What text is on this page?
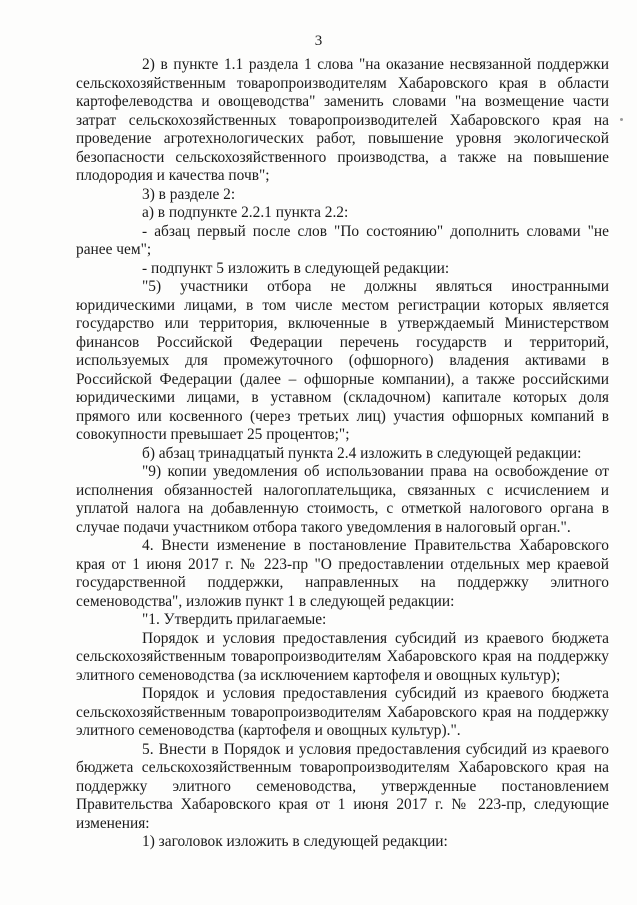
3

2) в пункте 1.1 раздела 1 слова "на оказание несвязанной поддержки сельскохозяйственным товаропроизводителям Хабаровского края в области картофелеводства и овощеводства" заменить словами "на возмещение части затрат сельскохозяйственных товаропроизводителей Хабаровского края на проведение агротехнологических работ, повышение уровня экологической безопасности сельскохозяйственного производства, а также на повышение плодородия и качества почв";

3) в разделе 2:

а) в подпункте 2.2.1 пункта 2.2:

- абзац первый после слов "По состоянию" дополнить словами "не ранее чем";

- подпункт 5 изложить в следующей редакции:

"5) участники отбора не должны являться иностранными юридическими лицами, в том числе местом регистрации которых является государство или территория, включенные в утверждаемый Министерством финансов Российской Федерации перечень государств и территорий, используемых для промежуточного (офшорного) владения активами в Российской Федерации (далее – офшорные компании), а также российскими юридическими лицами, в уставном (складочном) капитале которых доля прямого или косвенного (через третьих лиц) участия офшорных компаний в совокупности превышает 25 процентов;";

б) абзац тринадцатый пункта 2.4 изложить в следующей редакции:

"9) копии уведомления об использовании права на освобождение от исполнения обязанностей налогоплательщика, связанных с исчислением и уплатой налога на добавленную стоимость, с отметкой налогового органа в случае подачи участником отбора такого уведомления в налоговый орган.".

4. Внести изменение в постановление Правительства Хабаровского края от 1 июня 2017 г. № 223-пр "О предоставлении отдельных мер краевой государственной поддержки, направленных на поддержку элитного семеноводства", изложив пункт 1 в следующей редакции:

"1. Утвердить прилагаемые:

Порядок и условия предоставления субсидий из краевого бюджета сельскохозяйственным товаропроизводителям Хабаровского края на поддержку элитного семеноводства (за исключением картофеля и овощных культур);

Порядок и условия предоставления субсидий из краевого бюджета сельскохозяйственным товаропроизводителям Хабаровского края на поддержку элитного семеноводства (картофеля и овощных культур).".

5. Внести в Порядок и условия предоставления субсидий из краевого бюджета сельскохозяйственным товаропроизводителям Хабаровского края на поддержку элитного семеноводства, утвержденные постановлением Правительства Хабаровского края от 1 июня 2017 г. № 223-пр, следующие изменения:

1) заголовок изложить в следующей редакции:
